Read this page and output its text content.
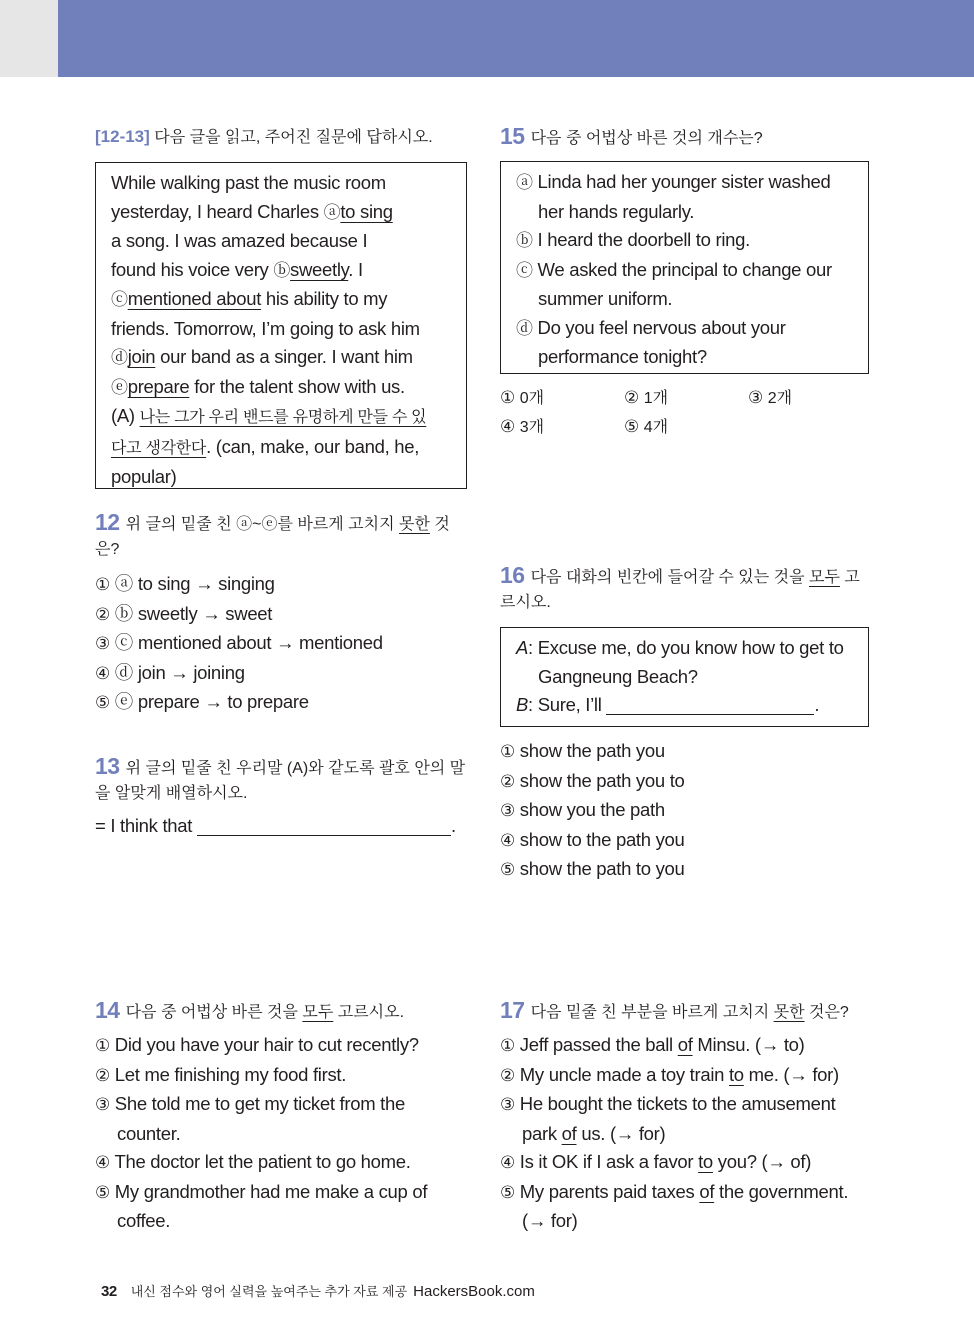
[12-13] 다음 글을 읽고, 주어진 질문에 답하시오.
While walking past the music room
yesterday, I heard Charles ⓐto sing
a song. I was amazed because I
found his voice very ⓑsweetly. I
ⓒmentioned about his ability to my
friends. Tomorrow, I’m going to ask him
ⓓjoin our band as a singer. I want him
ⓔprepare for the talent show with us.
(A) 나는 그가 우리 밴드를 유명하게 만들 수 있
다고 생각한다. (can, make, our band, he,
popular)
12 위 글의 밑줄 친 ⓐ~ⓔ를 바르게 고치지 못한 것은?
① ⓐ to sing → singing
② ⓑ sweetly → sweet
③ ⓒ mentioned about → mentioned
④ ⓓ join → joining
⑤ ⓔ prepare → to prepare
13 위 글의 밑줄 친 우리말 (A)와 같도록 괄호 안의 말을 알맞게 배열하시오.
= I think that	.
14 다음 중 어법상 바른 것을 모두 고르시오.
① Did you have your hair to cut recently?
② Let me finishing my food first.
③ She told me to get my ticket from the counter.
④ The doctor let the patient to go home.
⑤ My grandmother had me make a cup of coffee.
15 다음 중 어법상 바른 것의 개수는?
ⓐ Linda had her younger sister washed her hands regularly.
ⓑ I heard the doorbell to ring.
ⓒ We asked the principal to change our summer uniform.
ⓓ Do you feel nervous about your performance tonight?
① 0개	② 1개	③ 2개
④ 3개	⑤ 4개
16 다음 대화의 빈칸에 들어갈 수 있는 것을 모두 고르시오.
A: Excuse me, do you know how to get to Gangneung Beach?
B: Sure, I’ll	.
① show the path you
② show the path you to
③ show you the path
④ show to the path you
⑤ show the path to you
17 다음 밑줄 친 부분을 바르게 고치지 못한 것은?
① Jeff passed the ball of Minsu. (→ to)
② My uncle made a toy train to me. (→ for)
③ He bought the tickets to the amusement park of us. (→ for)
④ Is it OK if I ask a favor to you? (→ of)
⑤ My parents paid taxes of the government. (→ for)
32 내신 점수와 영어 실력을 높여주는 추가 자료 제공 HackersBook.com
